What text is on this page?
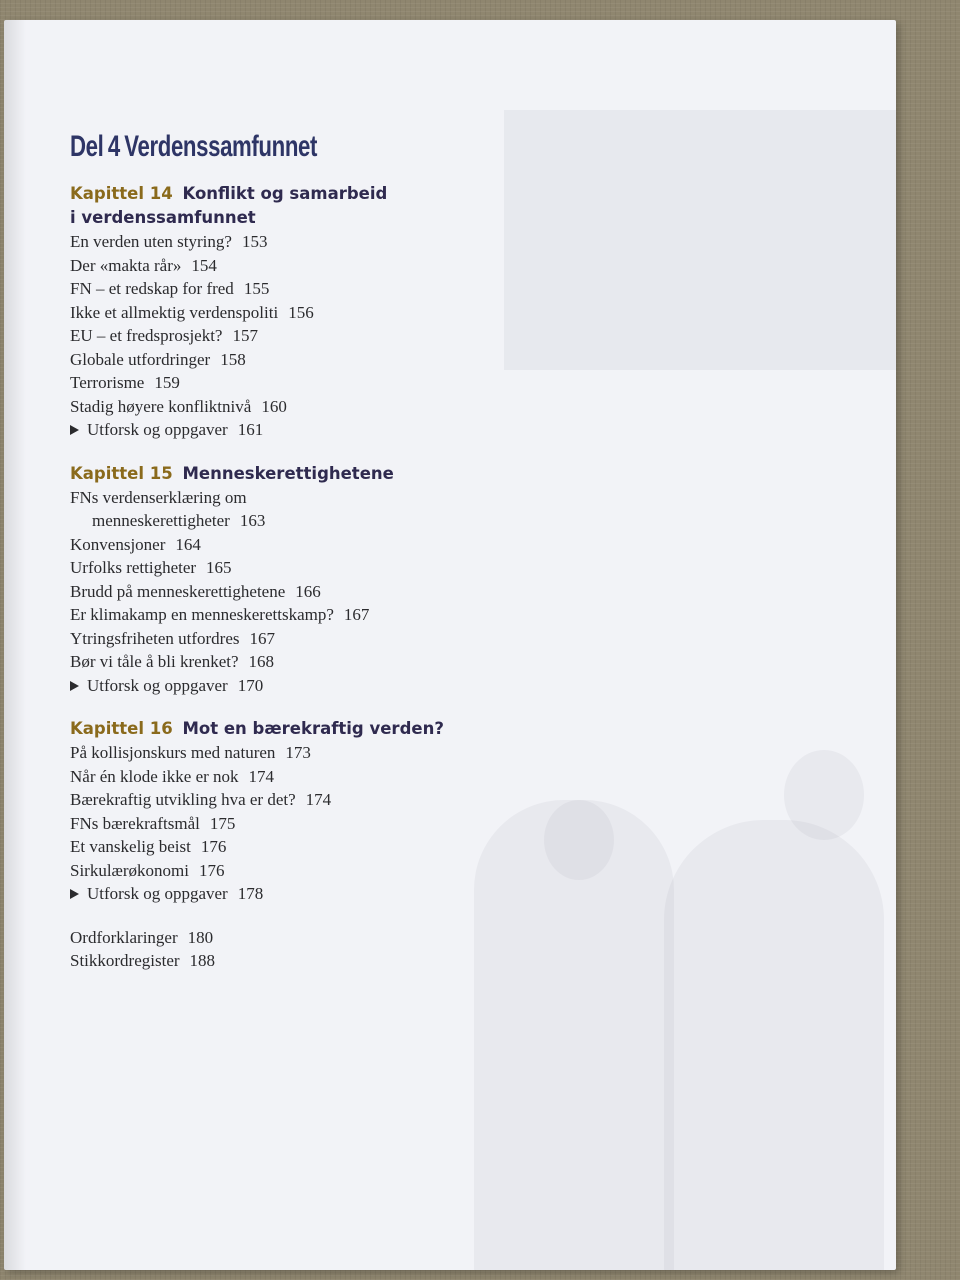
Del 4 Verdenssamfunnet
Kapittel 14 Konflikt og samarbeid
i verdenssamfunnet
En verden uten styring? 153
Der «makta rår» 154
FN – et redskap for fred 155
Ikke et allmektig verdenspoliti 156
EU – et fredsprosjekt? 157
Globale utfordringer 158
Terrorisme 159
Stadig høyere konfliktnivå 160
Utforsk og oppgaver 161
Kapittel 15 Menneskerettighetene
FNs verdenserklæring om
menneskerettigheter 163
Konvensjoner 164
Urfolks rettigheter 165
Brudd på menneskerettighetene 166
Er klimakamp en menneskerettskamp? 167
Ytringsfriheten utfordres 167
Bør vi tåle å bli krenket? 168
Utforsk og oppgaver 170
Kapittel 16 Mot en bærekraftig verden?
På kollisjonskurs med naturen 173
Når én klode ikke er nok 174
Bærekraftig utvikling hva er det? 174
FNs bærekraftsmål 175
Et vanskelig beist 176
Sirkulærøkonomi 176
Utforsk og oppgaver 178
Ordforklaringer 180
Stikkordregister 188
